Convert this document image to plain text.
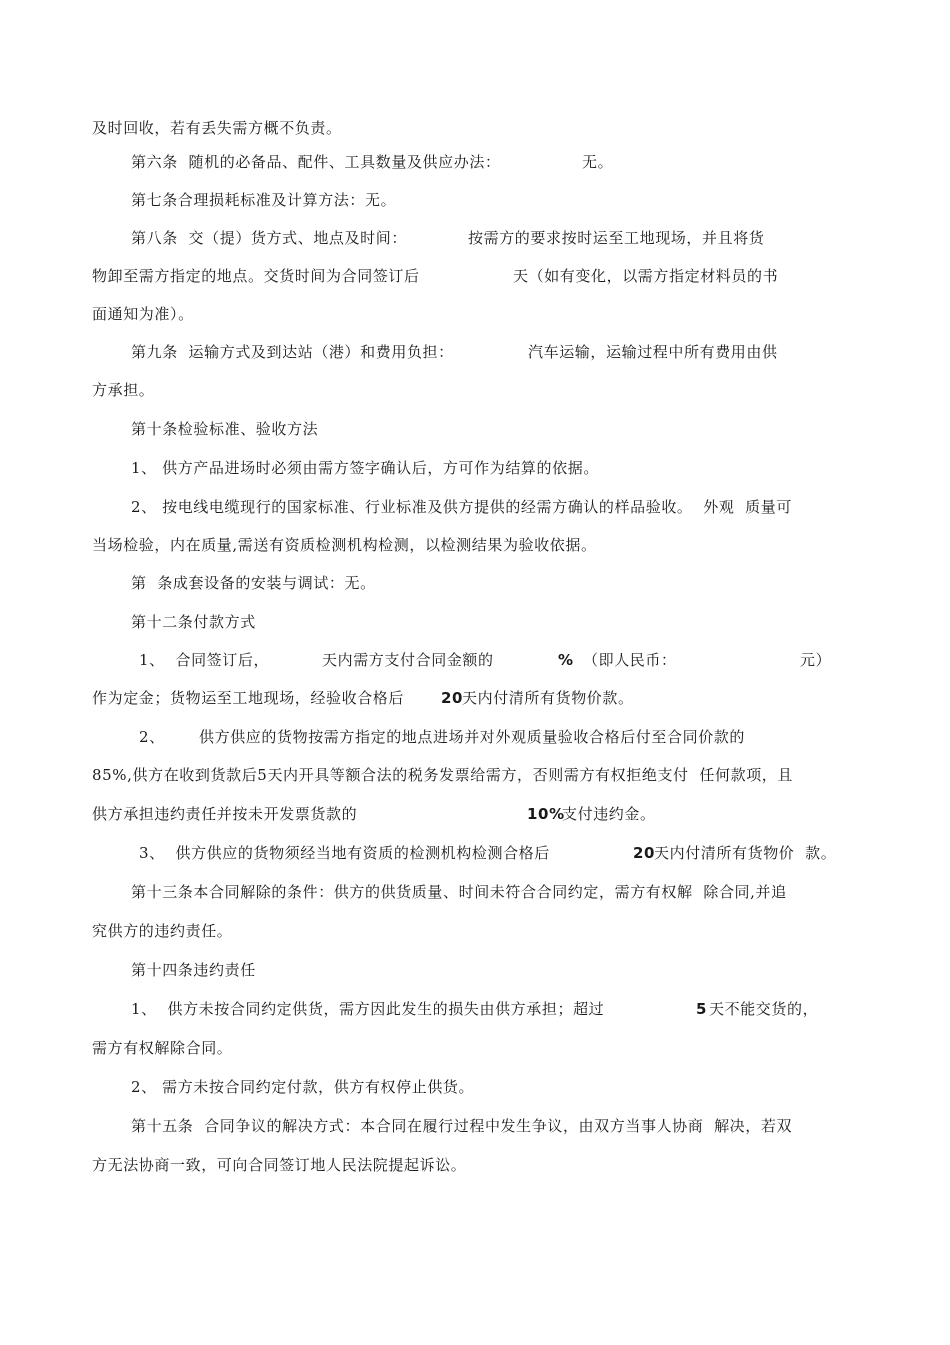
及时回收，若有丢失需方概不负责。
第六条  随机的必备品、配件、工具数量及供应办法：	无。
第七条合理损耗标准及计算方法：无。
第八条  交（提）货方式、地点及时间：	按需方的要求按时运至工地现场，并且将货
物卸至需方指定的地点。交货时间为合同签订后	天（如有变化，以需方指定材料员的书
面通知为准）。
第九条  运输方式及到达站（港）和费用负担：	汽车运输，运输过程中所有费用由供
方承担。
第十条检验标准、验收方法
1、 供方产品进场时必须由需方签字确认后，方可作为结算的依据。
2、 按电线电缆现行的国家标准、行业标准及供方提供的经需方确认的样品验收。  外观  质量可
当场检验，内在质量,需送有资质检测机构检测，以检测结果为验收依据。
第  条成套设备的安装与调试：无。
第十二条付款方式
1、  合同签订后，	天内需方支付合同金额的	% （即人民币：	元）
作为定金；货物运至工地现场，经验收合格后 20
天内付清所有货物价款。
2、 供方供应的货物按需方指定的地点进场并对外观质量验收合格后付至合同价款的
85%,供方在收到货款后5天内开具等额合法的税务发票给需方，否则需方有权拒绝支付  任何款项，且
供方承担违约责任并按未开发票货款的	10%
支付违约金。
3、  供方供应的货物须经当地有资质的检测机构检测合格后	20
天内付清所有货物价  款。
第十三条本合同解除的条件：供方的供货质量、时间未符合合同约定，需方有权解  除合同,并追
究供方的违约责任。
第十四条违约责任
1、  供方未按合同约定供货，需方因此发生的损失由供方承担；超过	5 天不能交货的，
需方有权解除合同。
2、 需方未按合同约定付款，供方有权停止供货。
第十五条  合同争议的解决方式：本合同在履行过程中发生争议，由双方当事人协商  解决，若双
方无法协商一致，可向合同签订地人民法院提起诉讼。
